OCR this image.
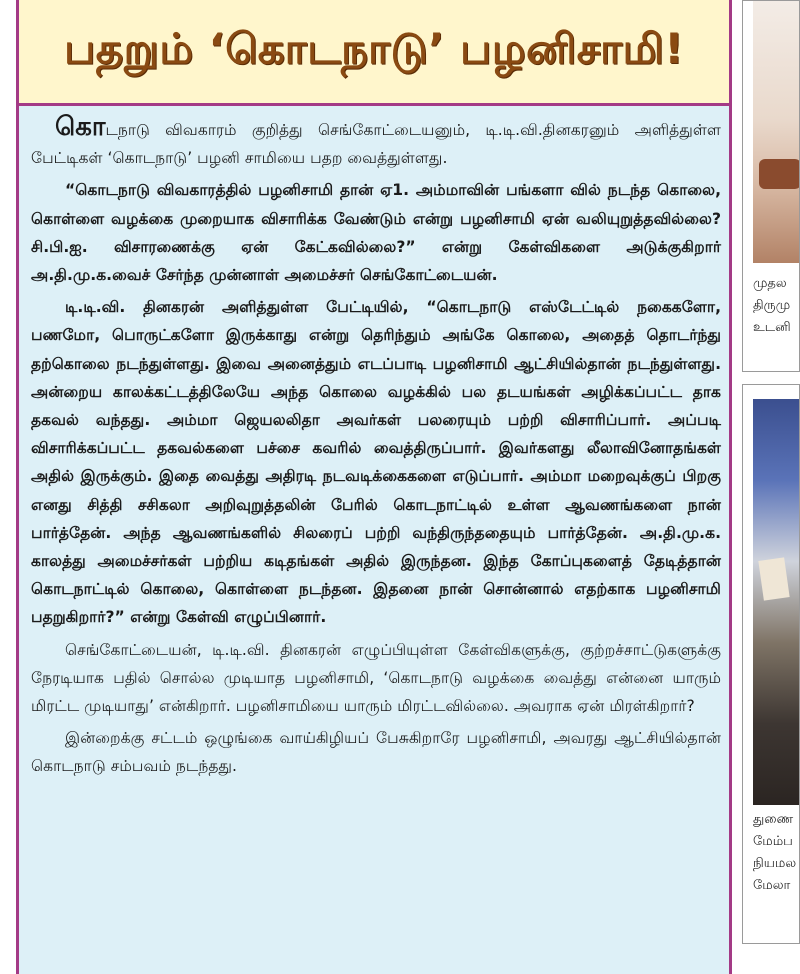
பதறும் ‘கொடநாடு’ பழனிசாமி!

கொடநாடு விவகாரம் குறித்து செங்கோட்டையனும், டி.டி.வி.தினகரனும் அளித்துள்ள பேட்டிகள் ‘கொடநாடு’ பழனி சாமியை பதற வைத்துள்ளது.

“கொடநாடு விவகாரத்தில் பழனிசாமி தான் ஏ1. அம்மாவின் பங்களா வில் நடந்த கொலை, கொள்ளை வழக்கை முறையாக விசாரிக்க வேண்டும் என்று பழனிசாமி ஏன் வலியுறுத்தவில்லை? சி.பி.ஐ. விசாரணைக்கு ஏன் கேட்கவில்லை?” என்று கேள்விகளை அடுக்குகிறார் அ.தி.மு.க.வைச் சேர்ந்த முன்னாள் அமைச்சர் செங்கோட்டையன்.

டி.டி.வி. தினகரன் அளித்துள்ள பேட்டியில், “கொடநாடு எஸ்டேட்டில் நகைகளோ, பணமோ, பொருட்களோ இருக்காது என்று தெரிந்தும் அங்கே கொலை, அதைத் தொடர்ந்து தற்கொலை நடந்துள்ளது. இவை அனைத்தும் எடப்பாடி பழனிசாமி ஆட்சியில்தான் நடந்துள்ளது. அன்றைய காலக்கட்டத்திலேயே அந்த கொலை வழக்கில் பல தடயங்கள் அழிக்கப்பட்ட தாக தகவல் வந்தது. அம்மா ஜெயலலிதா அவர்கள் பலரையும் பற்றி விசாரிப்பார். அப்படி விசாரிக்கப்பட்ட தகவல்களை பச்சை கவரில் வைத்திருப்பார். இவர்களது லீலாவினோதங்கள் அதில் இருக்கும். இதை வைத்து அதிரடி நடவடிக்கைகளை எடுப்பார். அம்மா மறைவுக்குப் பிறகு எனது சித்தி சசிகலா அறிவுறுத்தலின் பேரில் கொடநாட்டில் உள்ள ஆவணங்களை நான் பார்த்தேன். அந்த ஆவணங்களில் சிலரைப் பற்றி வந்திருந்ததையும் பார்த்தேன். அ.தி.மு.க. காலத்து அமைச்சர்கள் பற்றிய கடிதங்கள் அதில் இருந்தன. இந்த கோப்புகளைத் தேடித்தான் கொடநாட்டில் கொலை, கொள்ளை நடந்தன. இதனை நான் சொன்னால் எதற்காக பழனிசாமி பதறுகிறார்?” என்று கேள்வி எழுப்பினார்.

செங்கோட்டையன், டி.டி.வி. தினகரன் எழுப்பியுள்ள கேள்விகளுக்கு, குற்றச்சாட்டுகளுக்கு நேரடியாக பதில் சொல்ல முடியாத பழனிசாமி, ‘கொடநாடு வழக்கை வைத்து என்னை யாரும் மிரட்ட முடியாது’ என்கிறார். பழனிசாமியை யாரும் மிரட்டவில்லை. அவராக ஏன் மிரள்கிறார்?

இன்றைக்கு சட்டம் ஒழுங்கை வாய்கிழியப் பேசுகிறாரே பழனிசாமி, அவரது ஆட்சியில்தான் கொடநாடு சம்பவம் நடந்தது.

முதல
திருமு
உடனி
துணை
மேம்ப
நியமல
மேலா
